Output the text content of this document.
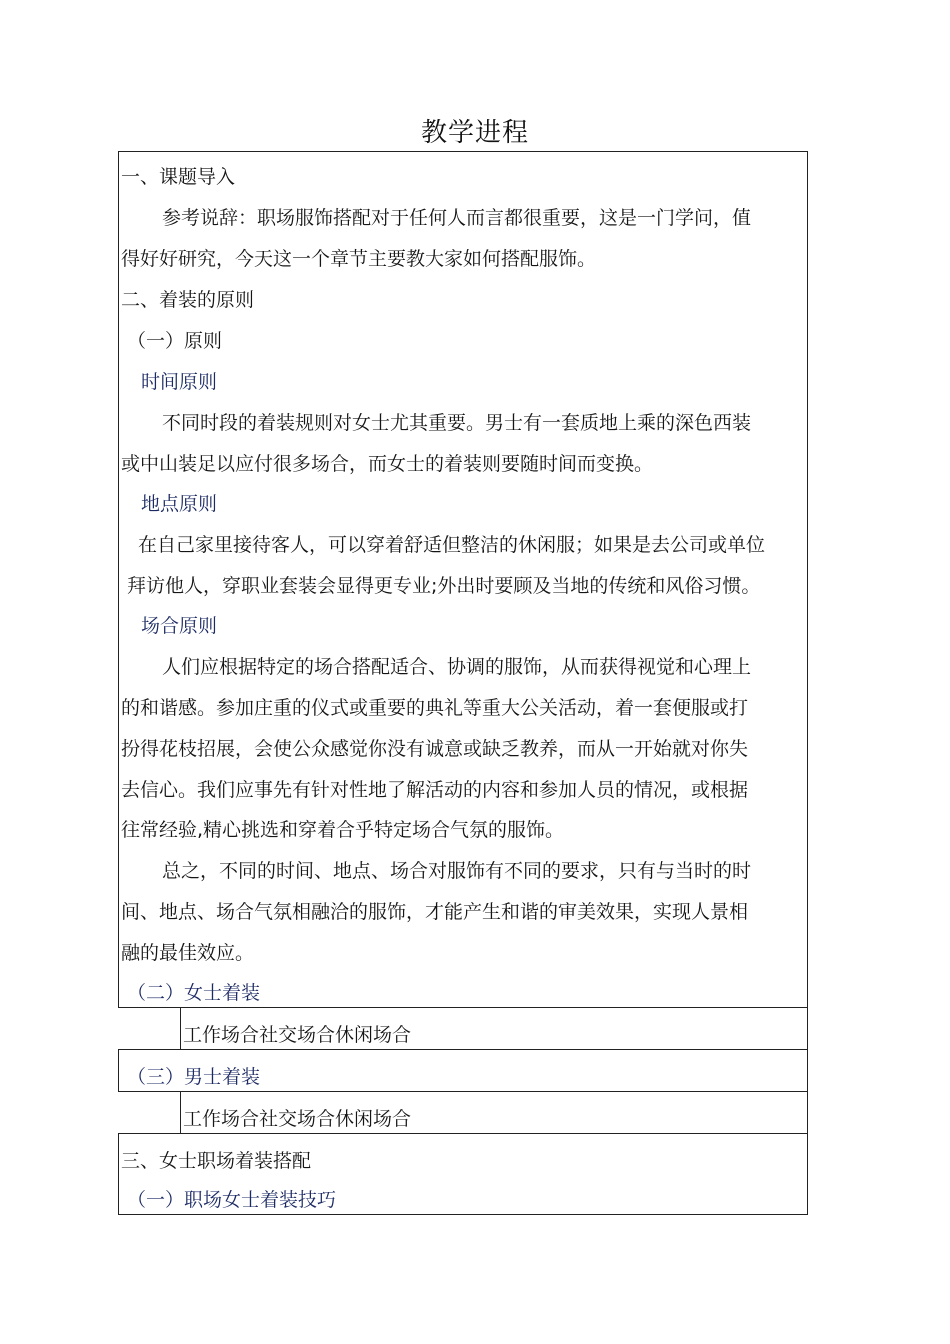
教学进程
一、课题导入
参考说辞：职场服饰搭配对于任何人而言都很重要，这是一门学问，值
得好好研究，今天这一个章节主要教大家如何搭配服饰。
二、着装的原则
（一）原则
时间原则
不同时段的着装规则对女士尤其重要。男士有一套质地上乘的深色西装
或中山装足以应付很多场合，而女士的着装则要随时间而变换。
地点原则
在自己家里接待客人，可以穿着舒适但整洁的休闲服；如果是去公司或单位
拜访他人，穿职业套装会显得更专业;外出时要顾及当地的传统和风俗习惯。
场合原则
人们应根据特定的场合搭配适合、协调的服饰，从而获得视觉和心理上
的和谐感。参加庄重的仪式或重要的典礼等重大公关活动，着一套便服或打
扮得花枝招展，会使公众感觉你没有诚意或缺乏教养，而从一开始就对你失
去信心。我们应事先有针对性地了解活动的内容和参加人员的情况，或根据
往常经验,精心挑选和穿着合乎特定场合气氛的服饰。
总之，不同的时间、地点、场合对服饰有不同的要求，只有与当时的时
间、地点、场合气氛相融洽的服饰，才能产生和谐的审美效果，实现人景相
融的最佳效应。
（二）女士着装
工作场合社交场合休闲场合
（三）男士着装
工作场合社交场合休闲场合
三、女士职场着装搭配
（一）职场女士着装技巧
